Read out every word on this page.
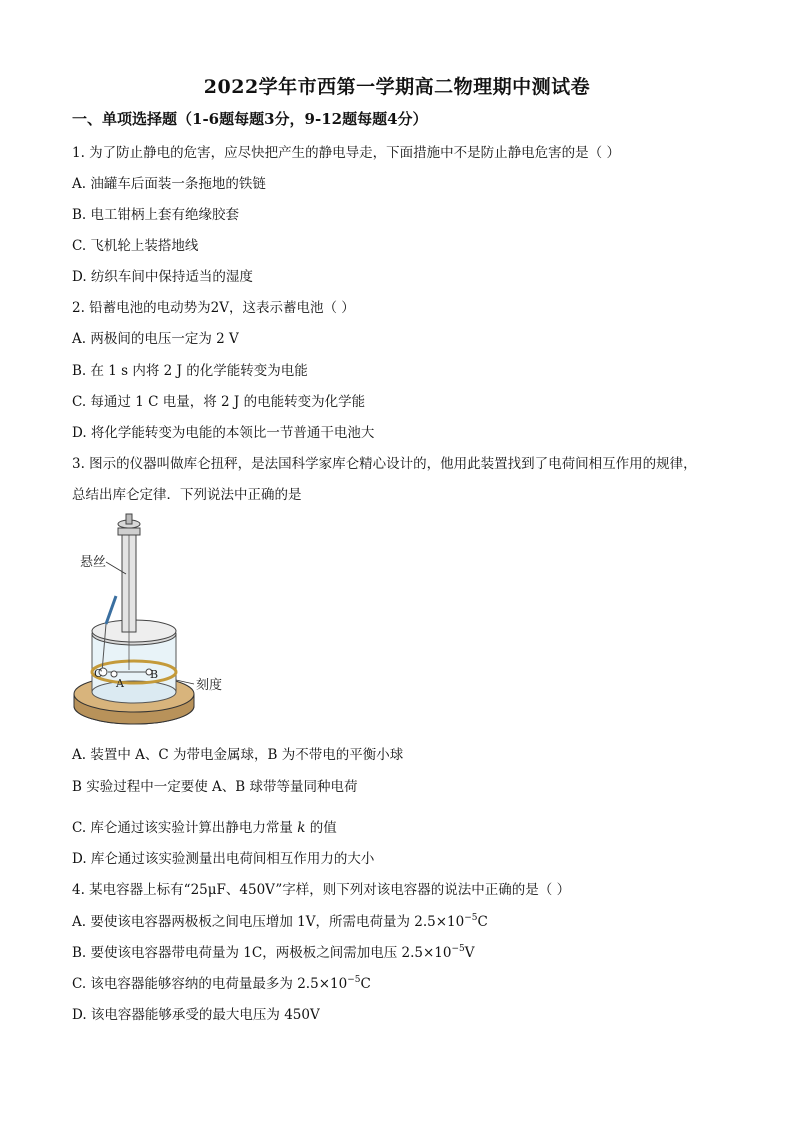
2022学年市西第一学期高二物理期中测试卷
一、单项选择题（1-6题每题3分，9-12题每题4分）
1. 为了防止静电的危害，应尽快把产生的静电导走，下面措施中不是防止静电危害的是（ ）
A. 油罐车后面装一条拖地的铁链
B. 电工钳柄上套有绝缘胶套
C. 飞机轮上装搭地线
D. 纺织车间中保持适当的湿度
2. 铅蓄电池的电动势为2V，这表示蓄电池（ ）
A. 两极间的电压一定为 2 V
B. 在 1 s 内将 2 J 的化学能转变为电能
C. 每通过 1 C 电量，将 2 J 的电能转变为化学能
D. 将化学能转变为电能的本领比一节普通干电池大
3. 图示的仪器叫做库仑扭秤，是法国科学家库仑精心设计的，他用此装置找到了电荷间相互作用的规律，
总结出库仑定律．下列说法中正确的是
悬丝
C
A
B
刻度
A. 装置中 A、C 为带电金属球，B 为不带电的平衡小球
B 实验过程中一定要使 A、B 球带等量同种电荷
C. 库仑通过该实验计算出静电力常量 k 的值
D. 库仑通过该实验测量出电荷间相互作用力的大小
4. 某电容器上标有“25μF、450V”字样，则下列对该电容器的说法中正确的是（ ）
A. 要使该电容器两极板之间电压增加 1V，所需电荷量为 $2.5\times 10^{-5}C$
B. 要使该电容器带电荷量为 1C，两极板之间需加电压 $2.5\times 10^{-5}V$
C. 该电容器能够容纳的电荷量最多为 $2.5\times 10^{-5}C$
D. 该电容器能够承受的最大电压为 450V
